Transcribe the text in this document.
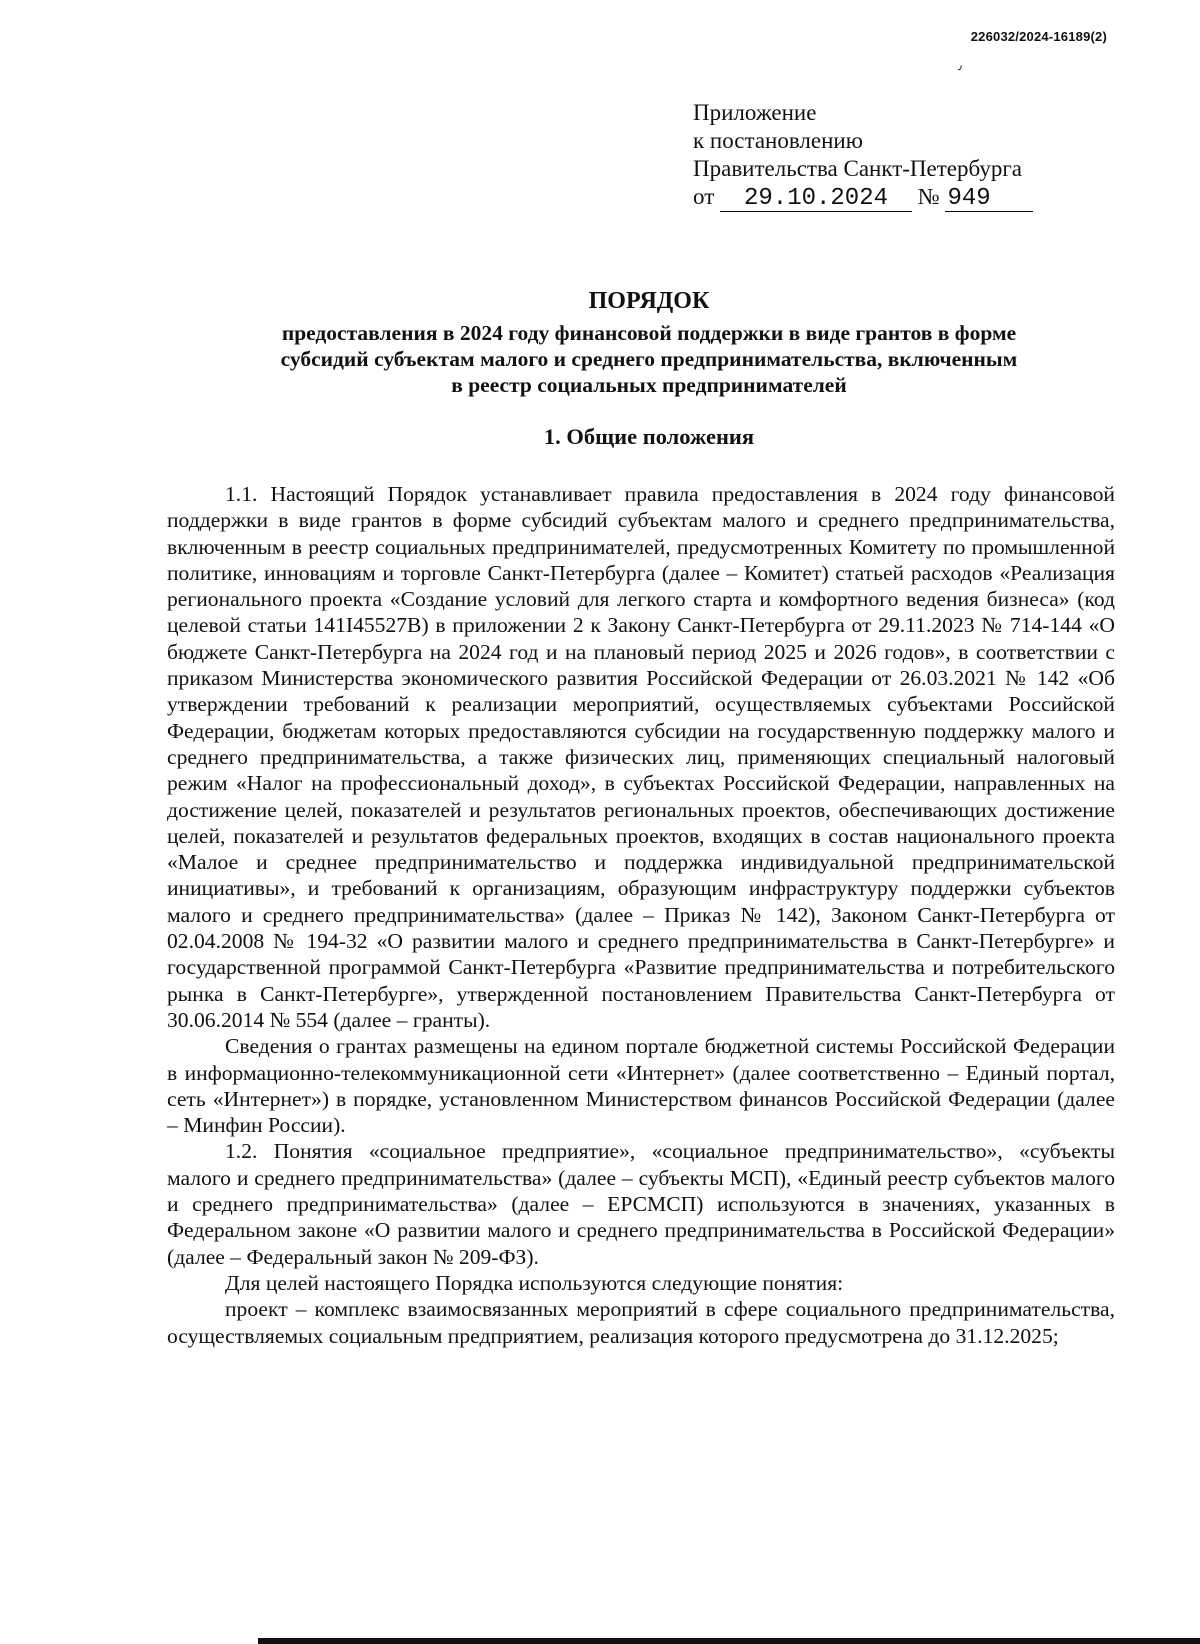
226032/2024-16189(2)
٫
Приложение
к постановлению
Правительства Санкт-Петербурга
от 29.10.2024 № 949
ПОРЯДОК
предоставления в 2024 году финансовой поддержки в виде грантов в форме
субсидий субъектам малого и среднего предпринимательства, включенным
в реестр социальных предпринимателей
1. Общие положения

1.1. Настоящий Порядок устанавливает правила предоставления в 2024 году финансовой поддержки в виде грантов в форме субсидий субъектам малого и среднего предпринимательства, включенным в реестр социальных предпринимателей, предусмотренных Комитету по промышленной политике, инновациям и торговле Санкт-Петербурга (далее – Комитет) статьей расходов «Реализация регионального проекта «Создание условий для легкого старта и комфортного ведения бизнеса» (код целевой статьи 141I45527В) в приложении 2 к Закону Санкт-Петербурга от 29.11.2023 № 714-144 «О бюджете Санкт-Петербурга на 2024 год и на плановый период 2025 и 2026 годов», в соответствии с приказом Министерства экономического развития Российской Федерации от 26.03.2021 № 142 «Об утверждении требований к реализации мероприятий, осуществляемых субъектами Российской Федерации, бюджетам которых предоставляются субсидии на государственную поддержку малого и среднего предпринимательства, а также физических лиц, применяющих специальный налоговый режим «Налог на профессиональный доход», в субъектах Российской Федерации, направленных на достижение целей, показателей и результатов региональных проектов, обеспечивающих достижение целей, показателей и результатов федеральных проектов, входящих в состав национального проекта «Малое и среднее предпринимательство и поддержка индивидуальной предпринимательской инициативы», и требований к организациям, образующим инфраструктуру поддержки субъектов малого и среднего предпринимательства» (далее – Приказ № 142), Законом Санкт-Петербурга от 02.04.2008 № 194-32 «О развитии малого и среднего предпринимательства в Санкт-Петербурге» и государственной программой Санкт-Петербурга «Развитие предпринимательства и потребительского рынка в Санкт-Петербурге», утвержденной постановлением Правительства Санкт-Петербурга от 30.06.2014 № 554 (далее – гранты).

Сведения о грантах размещены на едином портале бюджетной системы Российской Федерации в информационно-телекоммуникационной сети «Интернет» (далее соответственно – Единый портал, сеть «Интернет») в порядке, установленном Министерством финансов Российской Федерации (далее – Минфин России).

1.2. Понятия «социальное предприятие», «социальное предпринимательство», «субъекты малого и среднего предпринимательства» (далее – субъекты МСП), «Единый реестр субъектов малого и среднего предпринимательства» (далее – ЕРСМСП) используются в значениях, указанных в Федеральном законе «О развитии малого и среднего предпринимательства в Российской Федерации» (далее – Федеральный закон № 209-ФЗ).

Для целей настоящего Порядка используются следующие понятия:

проект – комплекс взаимосвязанных мероприятий в сфере социального предпринимательства, осуществляемых социальным предприятием, реализация которого предусмотрена до 31.12.2025;
